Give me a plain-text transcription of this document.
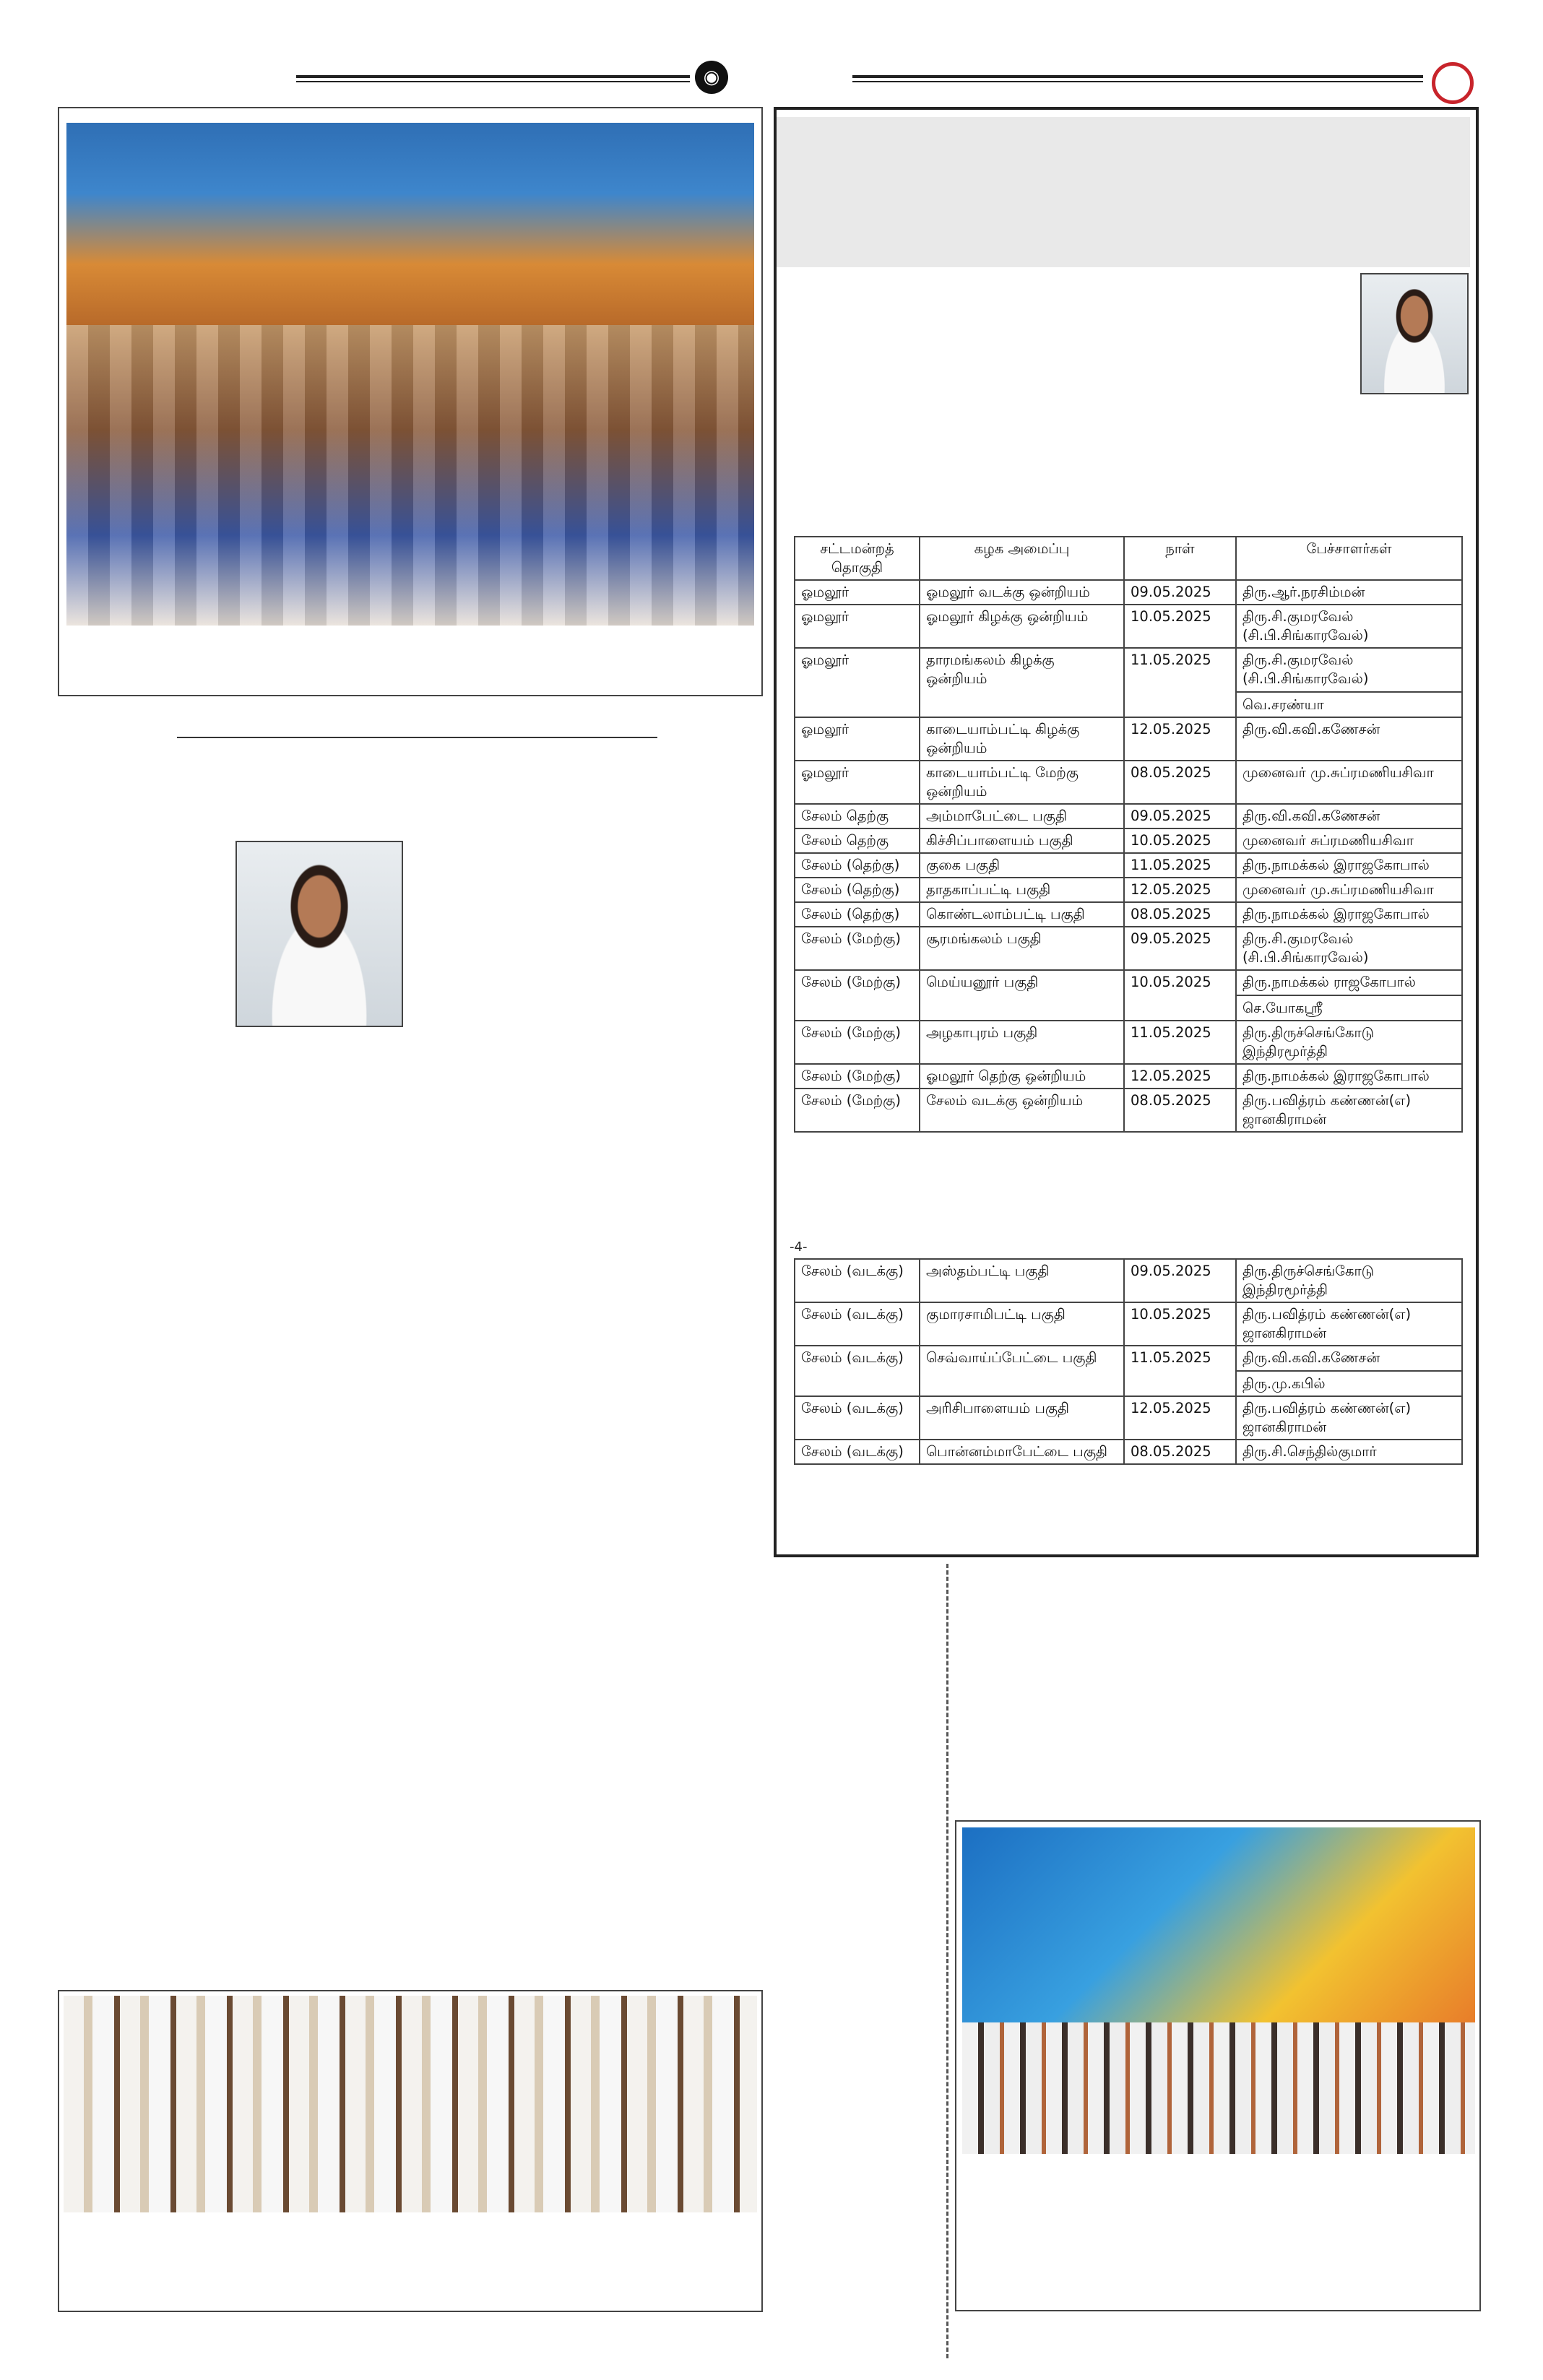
◉
சட்டமன்றத் தொகுதி	கழக அமைப்பு	நாள்	பேச்சாளர்கள்
ஓமலூர்	ஓமலூர் வடக்கு ஒன்றியம்	09.05.2025	திரு.ஆர்.நரசிம்மன்

ஓமலூர்	ஓமலூர் கிழக்கு ஒன்றியம்	10.05.2025	திரு.சி.குமரவேல் (சி.பி.சிங்காரவேல்)

ஓமலூர்	தாரமங்கலம் கிழக்கு ஒன்றியம்	11.05.2025	திரு.சி.குமரவேல் (சி.பி.சிங்காரவேல்)
வெ.சரண்யா

ஓமலூர்	காடையாம்பட்டி கிழக்கு ஒன்றியம்	12.05.2025	திரு.வி.கவி.கணேசன்

ஓமலூர்	காடையாம்பட்டி மேற்கு ஒன்றியம்	08.05.2025	முனைவர் மு.சுப்ரமணியசிவா

சேலம் தெற்கு	அம்மாபேட்டை பகுதி	09.05.2025	திரு.வி.கவி.கணேசன்

சேலம் தெற்கு	கிச்சிப்பாளையம் பகுதி	10.05.2025	முனைவர் சுப்ரமணியசிவா

சேலம் (தெற்கு)	குகை பகுதி	11.05.2025	திரு.நாமக்கல் இராஜகோபால்

சேலம் (தெற்கு)	தாதகாப்பட்டி பகுதி	12.05.2025	முனைவர் மு.சுப்ரமணியசிவா

சேலம் (தெற்கு)	கொண்டலாம்பட்டி பகுதி	08.05.2025	திரு.நாமக்கல் இராஜகோபால்

சேலம் (மேற்கு)	சூரமங்கலம் பகுதி	09.05.2025	திரு.சி.குமரவேல் (சி.பி.சிங்காரவேல்)

சேலம் (மேற்கு)	மெய்யனூர் பகுதி	10.05.2025	திரு.நாமக்கல் ராஜகோபால்
செ.யோகஸ்ரீ

சேலம் (மேற்கு)	அழகாபுரம் பகுதி	11.05.2025	திரு.திருச்செங்கோடு இந்திரமூர்த்தி

சேலம் (மேற்கு)	ஓமலூர் தெற்கு ஒன்றியம்	12.05.2025	திரு.நாமக்கல் இராஜகோபால்

சேலம் (மேற்கு)	சேலம் வடக்கு ஒன்றியம்	08.05.2025	திரு.பவித்ரம் கண்ணன்(எ) ஜானகிராமன்
-4-
சேலம் (வடக்கு)	அஸ்தம்பட்டி பகுதி	09.05.2025	திரு.திருச்செங்கோடு இந்திரமூர்த்தி

சேலம் (வடக்கு)	குமாரசாமிபட்டி பகுதி	10.05.2025	திரு.பவித்ரம் கண்ணன்(எ) ஜானகிராமன்

சேலம் (வடக்கு)	செவ்வாய்ப்பேட்டை பகுதி	11.05.2025	திரு.வி.கவி.கணேசன்
திரு.மு.கபில்

சேலம் (வடக்கு)	அரிசிபாளையம் பகுதி	12.05.2025	திரு.பவித்ரம் கண்ணன்(எ) ஜானகிராமன்

சேலம் (வடக்கு)	பொன்னம்மாபேட்டை பகுதி	08.05.2025	திரு.சி.செந்தில்குமார்
